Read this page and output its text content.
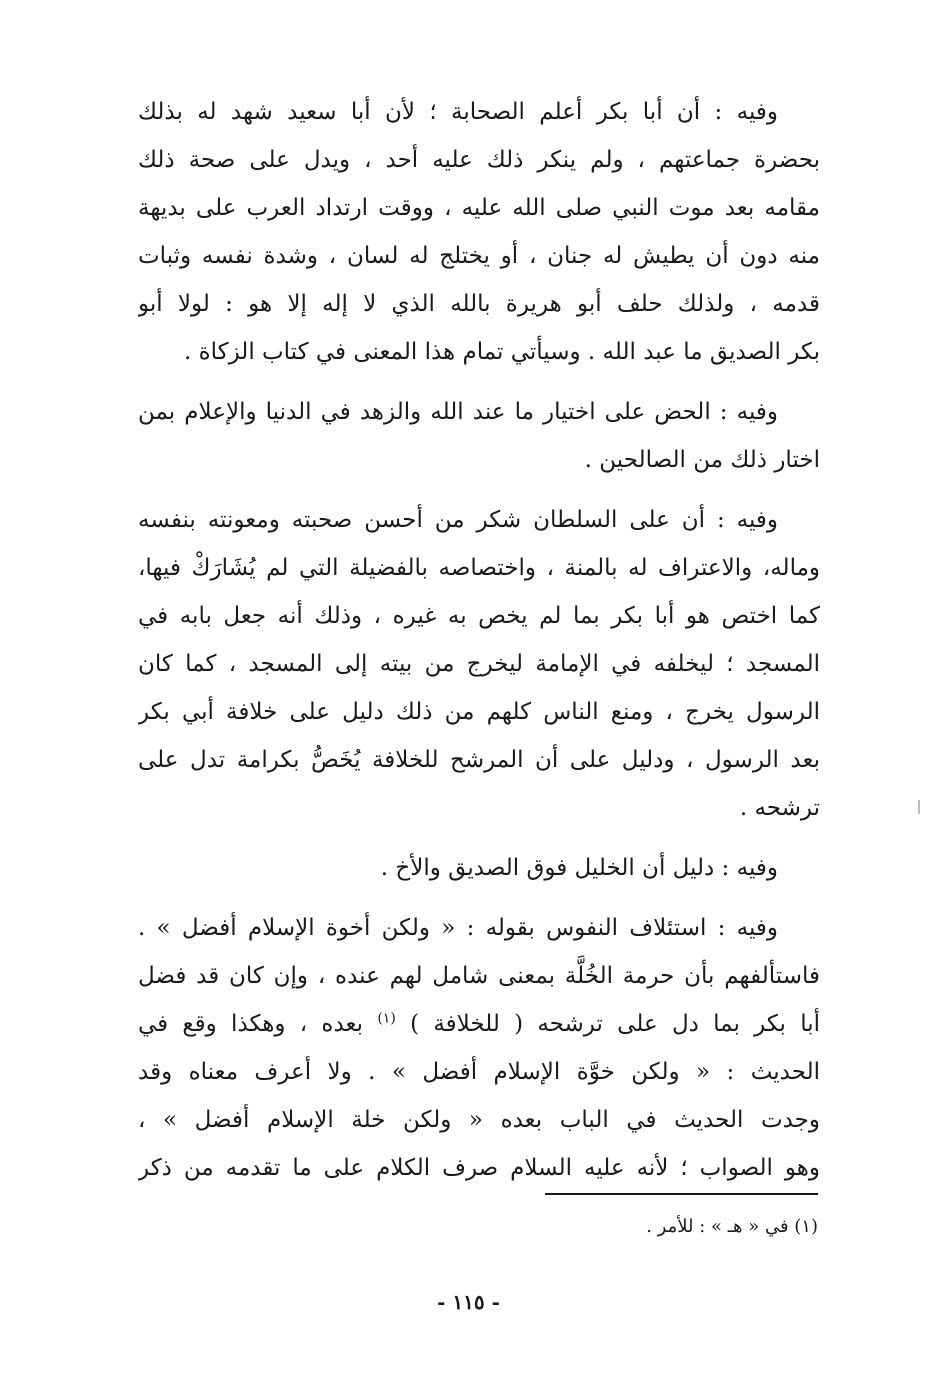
وفيه : أن أبا بكر أعلم الصحابة ؛ لأن أبا سعيد شهد له بذلك
بحضرة جماعتهم ، ولم ينكر ذلك عليه أحد ، ويدل على صحة ذلك
مقامه بعد موت النبي صلى الله عليه ، ووقت ارتداد العرب على بديهة
منه دون أن يطيش له جنان ، أو يختلج له لسان ، وشدة نفسه وثبات
قدمه ، ولذلك حلف أبو هريرة بالله الذي لا إله إلا هو : لولا أبو
بكر الصديق ما عبد الله . وسيأتي تمام هذا المعنى في كتاب الزكاة .
وفيه : الحض على اختيار ما عند الله والزهد في الدنيا والإعلام بمن
اختار ذلك من الصالحين .
وفيه : أن على السلطان شكر من أحسن صحبته ومعونته بنفسه
وماله، والاعتراف له بالمنة ، واختصاصه بالفضيلة التي لم يُشَارَكْ فيها،
كما اختص هو أبا بكر بما لم يخص به غيره ، وذلك أنه جعل بابه في
المسجد ؛ ليخلفه في الإمامة ليخرج من بيته إلى المسجد ، كما كان
الرسول يخرج ، ومنع الناس كلهم من ذلك دليل على خلافة أبي بكر
بعد الرسول ، ودليل على أن المرشح للخلافة يُخَصُّ بكرامة تدل على
ترشحه .
وفيه : دليل أن الخليل فوق الصديق والأخ .
وفيه : استئلاف النفوس بقوله : « ولكن أخوة الإسلام أفضل » .
فاستألفهم بأن حرمة الخُلَّة بمعنى شامل لهم عنده ، وإن كان قد فضل
أبا بكر بما دل على ترشحه ( للخلافة ) $^{(١)}$ بعده ، وهكذا وقع في
الحديث : « ولكن خوَّة الإسلام أفضل » . ولا أعرف معناه وقد
وجدت الحديث في الباب بعده « ولكن خلة الإسلام أفضل » ،
وهو الصواب ؛ لأنه عليه السلام صرف الكلام على ما تقدمه من ذكر
(١) في « هـ » : للأمر .
- ١١٥ -
